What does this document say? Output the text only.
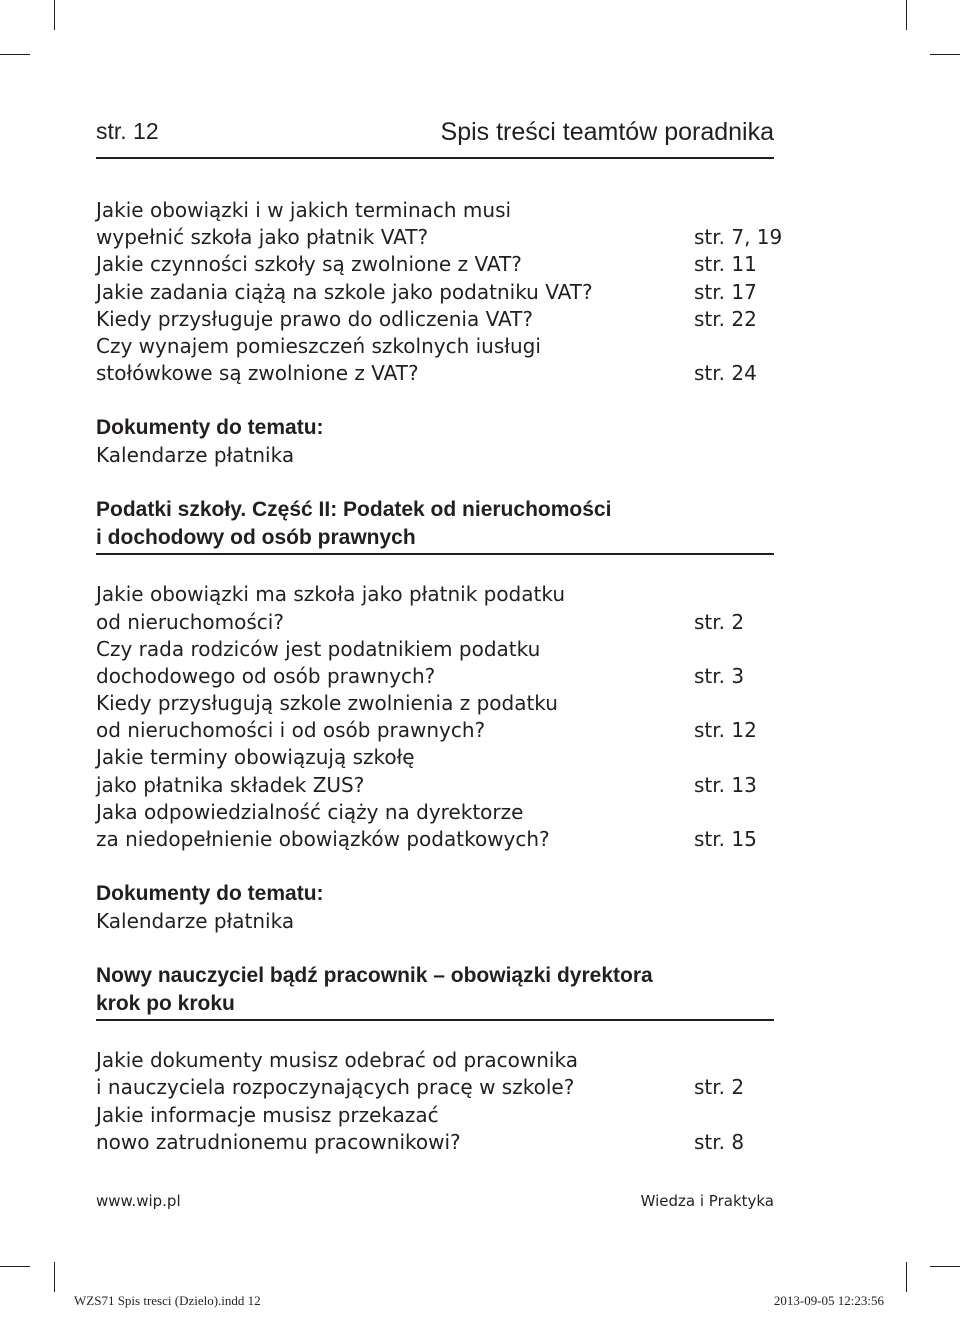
str. 12	Spis treści teamtów poradnika
Jakie obowiązki i w jakich terminach musi
wypełnić szkoła jako płatnik VAT?	str. 7, 19
Jakie czynności szkoły są zwolnione z VAT?	str. 11
Jakie zadania ciążą na szkole jako podatniku VAT?	str. 17
Kiedy przysługuje prawo do odliczenia VAT?	str. 22
Czy wynajem pomieszczeń szkolnych iusługi
stołówkowe są zwolnione z VAT?	str. 24
Dokumenty do tematu:
Kalendarze płatnika
Podatki szkoły. Część II: Podatek od nieruchomości
i dochodowy od osób prawnych
Jakie obowiązki ma szkoła jako płatnik podatku
od nieruchomości?	str. 2
Czy rada rodziców jest podatnikiem podatku
dochodowego od osób prawnych?	str. 3
Kiedy przysługują szkole zwolnienia z podatku
od nieruchomości i od osób prawnych?	str. 12
Jakie terminy obowiązują szkołę
jako płatnika składek ZUS?	str. 13
Jaka odpowiedzialność ciąży na dyrektorze
za niedopełnienie obowiązków podatkowych?	str. 15
Dokumenty do tematu:
Kalendarze płatnika
Nowy nauczyciel bądź pracownik – obowiązki dyrektora
krok po kroku
Jakie dokumenty musisz odebrać od pracownika
i nauczyciela rozpoczynających pracę w szkole?	str. 2
Jakie informacje musisz przekazać
nowo zatrudnionemu pracownikowi?	str. 8
www.wip.pl	Wiedza i Praktyka
WZS71 Spis tresci (Dzielo).indd 12	2013-09-05 12:23:56
